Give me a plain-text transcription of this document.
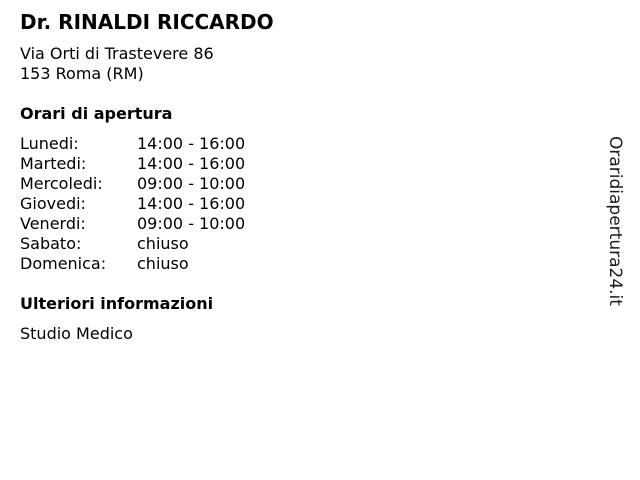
Dr. RINALDI RICCARDO
Via Orti di Trastevere 86
153 Roma (RM)
Orari di apertura
Lunedi:	14:00 - 16:00
Martedi:	14:00 - 16:00
Mercoledi:	09:00 - 10:00
Giovedi:	14:00 - 16:00
Venerdi:	09:00 - 10:00
Sabato:	chiuso
Domenica:	chiuso
Ulteriori informazioni
Studio Medico
Oraridiapertura24.it
